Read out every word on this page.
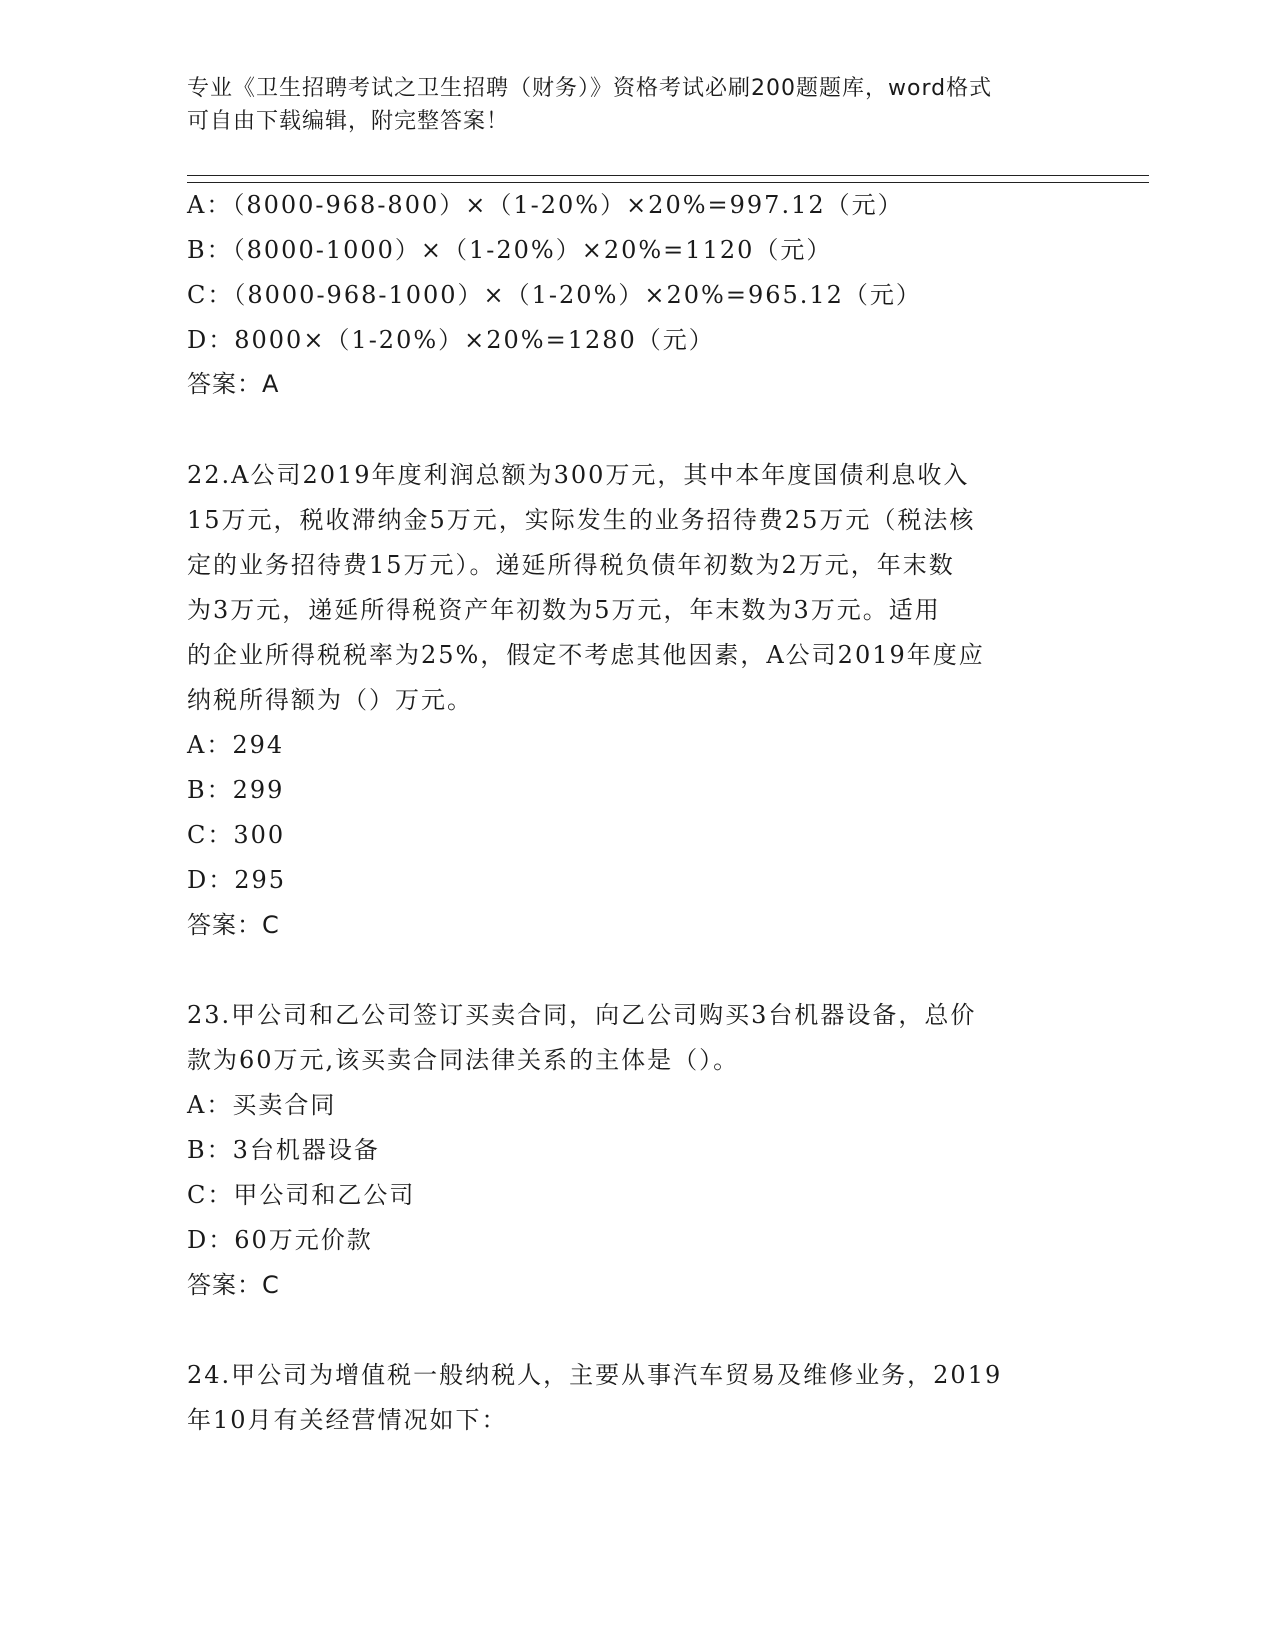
专业《卫生招聘考试之卫生招聘（财务）》资格考试必刷200题题库，word格式
可自由下载编辑，附完整答案！
A：（8000-968-800）×（1-20%）×20%=997.12（元）
B：（8000-1000）×（1-20%）×20%=1120（元）
C：（8000-968-1000）×（1-20%）×20%=965.12（元）
D：8000×（1-20%）×20%=1280（元）
答案：A
22.A公司2019年度利润总额为300万元，其中本年度国债利息收入
15万元，税收滞纳金5万元，实际发生的业务招待费25万元（税法核
定的业务招待费15万元）。递延所得税负债年初数为2万元，年末数
为3万元，递延所得税资产年初数为5万元，年末数为3万元。适用
的企业所得税税率为25%，假定不考虑其他因素，A公司2019年度应
纳税所得额为（）万元。
A：294
B：299
C：300
D：295
答案：C
23.甲公司和乙公司签订买卖合同，向乙公司购买3台机器设备，总价
款为60万元,该买卖合同法律关系的主体是（）。
A：买卖合同
B：3台机器设备
C：甲公司和乙公司
D：60万元价款
答案：C
24.甲公司为增值税一般纳税人，主要从事汽车贸易及维修业务，2019
年10月有关经营情况如下：
